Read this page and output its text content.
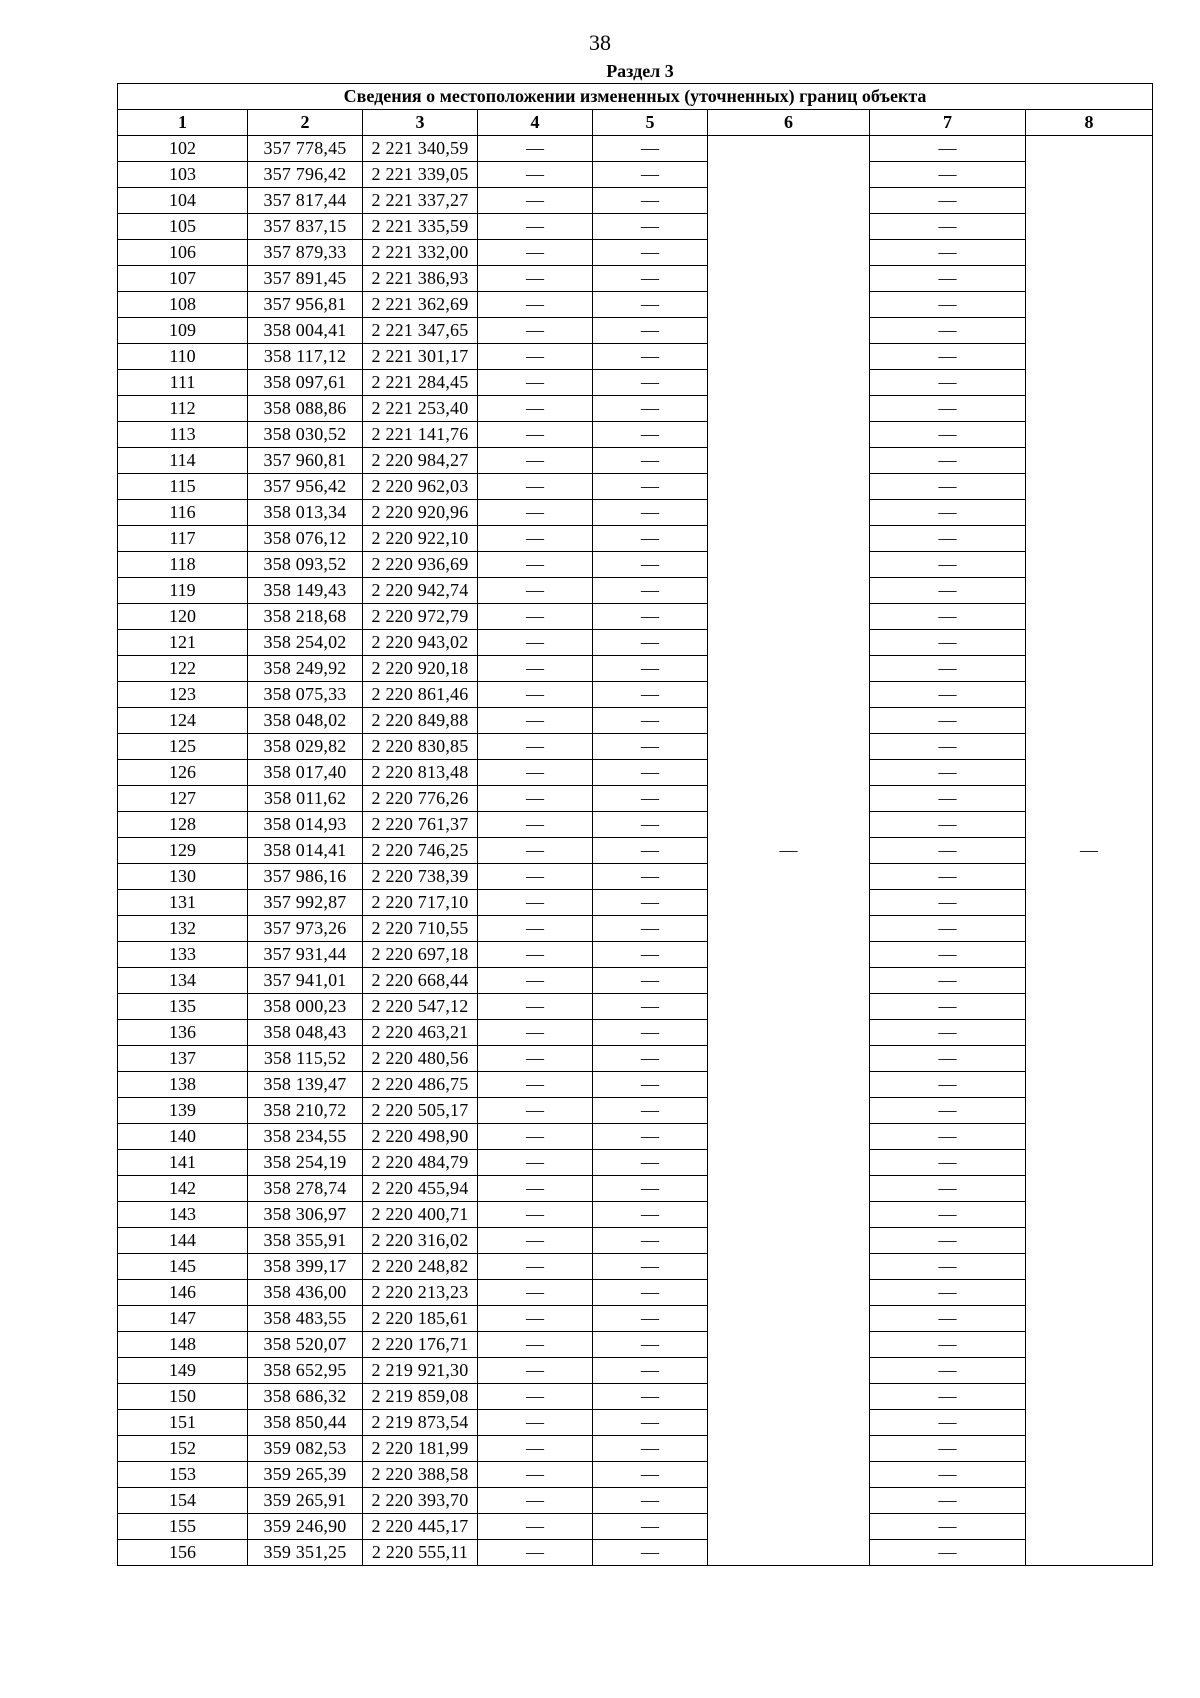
38
Раздел 3
Сведения о местоположении измененных (уточненных) границ объекта							
1	2	3	4	5	6	7	8
102	357 778,45	2 221 340,59	—	—	—	—	—
103	357 796,42	2 221 339,05	—	—		—	
104	357 817,44	2 221 337,27	—	—		—	
105	357 837,15	2 221 335,59	—	—		—	
106	357 879,33	2 221 332,00	—	—		—	
107	357 891,45	2 221 386,93	—	—		—	
108	357 956,81	2 221 362,69	—	—		—	
109	358 004,41	2 221 347,65	—	—		—	
110	358 117,12	2 221 301,17	—	—		—	
111	358 097,61	2 221 284,45	—	—		—	
112	358 088,86	2 221 253,40	—	—		—	
113	358 030,52	2 221 141,76	—	—		—	
114	357 960,81	2 220 984,27	—	—		—	
115	357 956,42	2 220 962,03	—	—		—	
116	358 013,34	2 220 920,96	—	—		—	
117	358 076,12	2 220 922,10	—	—		—	
118	358 093,52	2 220 936,69	—	—		—	
119	358 149,43	2 220 942,74	—	—		—	
120	358 218,68	2 220 972,79	—	—		—	
121	358 254,02	2 220 943,02	—	—		—	
122	358 249,92	2 220 920,18	—	—		—	
123	358 075,33	2 220 861,46	—	—		—	
124	358 048,02	2 220 849,88	—	—		—	
125	358 029,82	2 220 830,85	—	—		—	
126	358 017,40	2 220 813,48	—	—		—	
127	358 011,62	2 220 776,26	—	—		—	
128	358 014,93	2 220 761,37	—	—		—	
129	358 014,41	2 220 746,25	—	—		—	
130	357 986,16	2 220 738,39	—	—		—	
131	357 992,87	2 220 717,10	—	—		—	
132	357 973,26	2 220 710,55	—	—		—	
133	357 931,44	2 220 697,18	—	—		—	
134	357 941,01	2 220 668,44	—	—		—	
135	358 000,23	2 220 547,12	—	—		—	
136	358 048,43	2 220 463,21	—	—		—	
137	358 115,52	2 220 480,56	—	—		—	
138	358 139,47	2 220 486,75	—	—		—	
139	358 210,72	2 220 505,17	—	—		—	
140	358 234,55	2 220 498,90	—	—		—	
141	358 254,19	2 220 484,79	—	—		—	
142	358 278,74	2 220 455,94	—	—		—	
143	358 306,97	2 220 400,71	—	—		—	
144	358 355,91	2 220 316,02	—	—		—	
145	358 399,17	2 220 248,82	—	—		—	
146	358 436,00	2 220 213,23	—	—		—	
147	358 483,55	2 220 185,61	—	—		—	
148	358 520,07	2 220 176,71	—	—		—	
149	358 652,95	2 219 921,30	—	—		—	
150	358 686,32	2 219 859,08	—	—		—	
151	358 850,44	2 219 873,54	—	—		—	
152	359 082,53	2 220 181,99	—	—		—	
153	359 265,39	2 220 388,58	—	—		—	
154	359 265,91	2 220 393,70	—	—		—	
155	359 246,90	2 220 445,17	—	—		—	
156	359 351,25	2 220 555,11	—	—		—	
